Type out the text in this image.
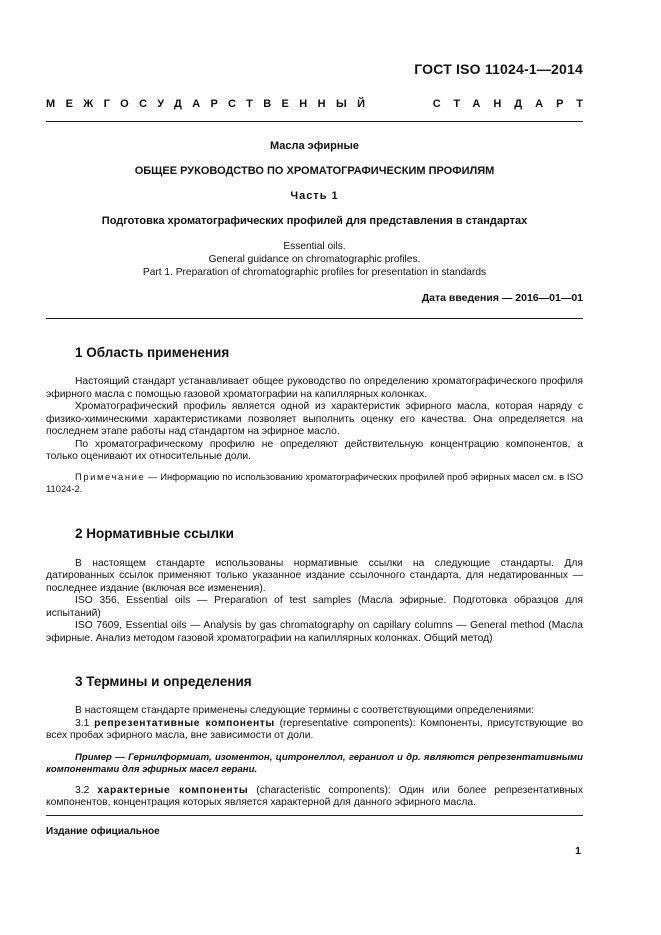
ГОСТ ISO 11024-1—2014
МЕЖГОСУДАРСТВЕННЫЙ	СТАНДАРТ
Масла эфирные
ОБЩЕЕ РУКОВОДСТВО ПО ХРОМАТОГРАФИЧЕСКИМ ПРОФИЛЯМ
Часть 1
Подготовка хроматографических профилей для представления в стандартах
Essential oils.
General guidance on chromatographic profiles.
Part 1. Preparation of chromatographic profiles for presentation in standards
Дата введения — 2016—01—01
1 Область применения

Настоящий стандарт устанавливает общее руководство по определению хроматографического профиля эфирного масла с помощью газовой хроматографии на капиллярных колонках.

Хроматографический профиль является одной из характеристик эфирного масла, которая наряду с физико-химическими характеристиками позволяет выполнить оценку его качества. Она определяется на последнем этапе работы над стандартом на эфирное масло.

По хроматографическому профилю не определяют действительную концентрацию компонентов, а только оценивают их относительные доли.

Примечание — Информацию по использованию хроматографических профилей проб эфирных масел см. в ISO 11024-2.

2 Нормативные ссылки

В настоящем стандарте использованы нормативные ссылки на следующие стандарты. Для датированных ссылок применяют только указанное издание ссылочного стандарта, для недатированных — последнее издание (включая все изменения).

ISO 356, Essential oils — Preparation of test samples (Масла эфирные. Подготовка образцов для испытаний)

ISO 7609, Essential oils — Analysis by gas chromatography on capillary columns — General method (Масла эфирные. Анализ методом газовой хроматографии на капиллярных колонках. Общий метод)

3 Термины и определения

В настоящем стандарте применены следующие термины с соответствующими определениями:

3.1 репрезентативные компоненты (representative components): Компоненты, присутствующие во всех пробах эфирного масла, вне зависимости от доли.

Пример — Гернилформиат, изоментон, цитронеллол, гераниол и др. являются репрезентативными компонентами для эфирных масел герани.

3.2 характерные компоненты (characteristic components): Один или более репрезентативных компонентов, концентрация которых является характерной для данного эфирного масла.

Издание официальное
1
